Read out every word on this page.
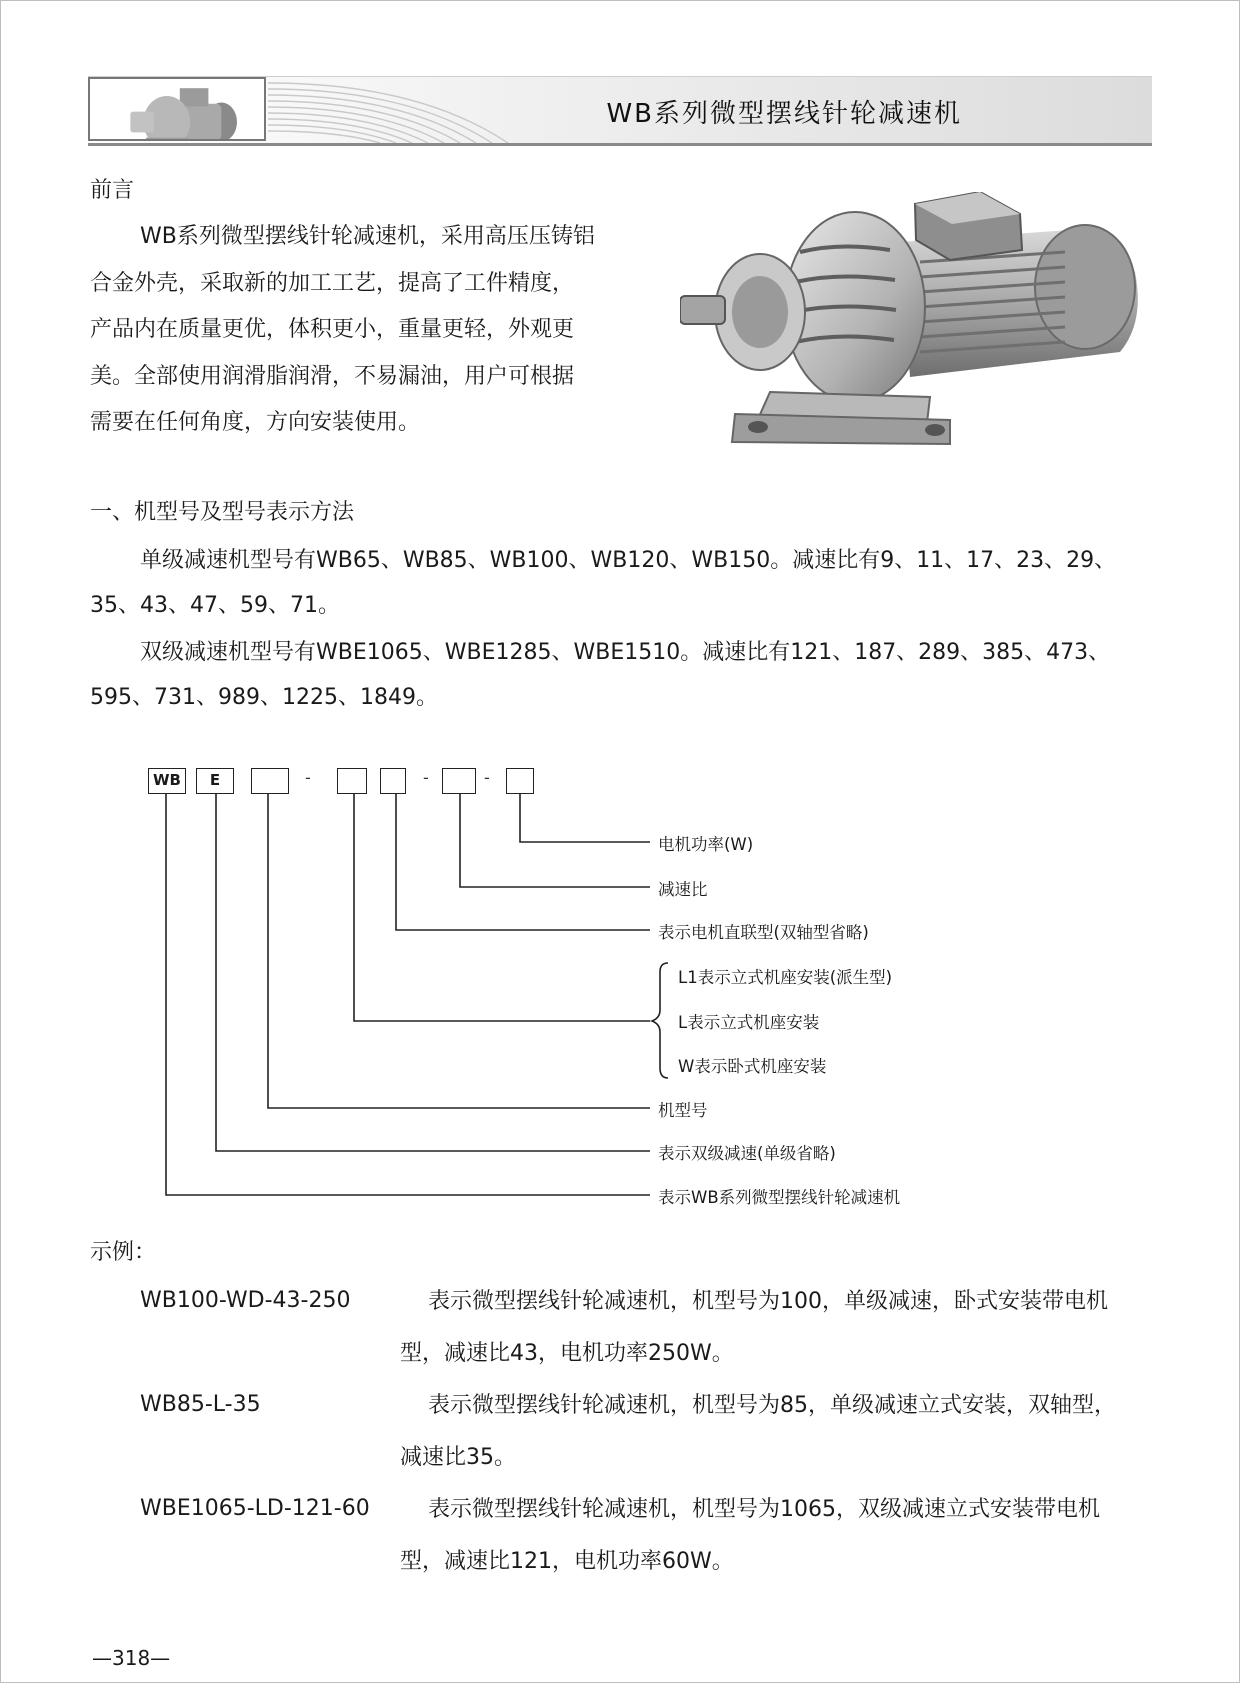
WB系列微型摆线针轮减速机
前言
WB系列微型摆线针轮减速机，采用高压压铸铝
合金外壳，采取新的加工工艺，提高了工件精度，
产品内在质量更优，体积更小，重量更轻，外观更
美。全部使用润滑脂润滑，不易漏油，用户可根据
需要在任何角度，方向安装使用。
一、机型号及型号表示方法
单级减速机型号有WB65、WB85、WB100、WB120、WB150。减速比有9、11、17、23、29、
35、43、47、59、71。
双级减速机型号有WBE1065、WBE1285、WBE1510。减速比有121、187、289、385、473、
595、731、989、1225、1849。
WB	E	-	-	-
电机功率(W)
减速比
表示电机直联型(双轴型省略)
L1表示立式机座安装(派生型)
L表示立式机座安装
W表示卧式机座安装
机型号
表示双级减速(单级省略)
表示WB系列微型摆线针轮减速机
示例：
WB100-WD-43-250	表示微型摆线针轮减速机，机型号为100，单级减速，卧式安装带电机
型，减速比43，电机功率250W。
WB85-L-35	表示微型摆线针轮减速机，机型号为85，单级减速立式安装，双轴型，
减速比35。
WBE1065-LD-121-60	表示微型摆线针轮减速机，机型号为1065，双级减速立式安装带电机
型，减速比121，电机功率60W。
—318—
